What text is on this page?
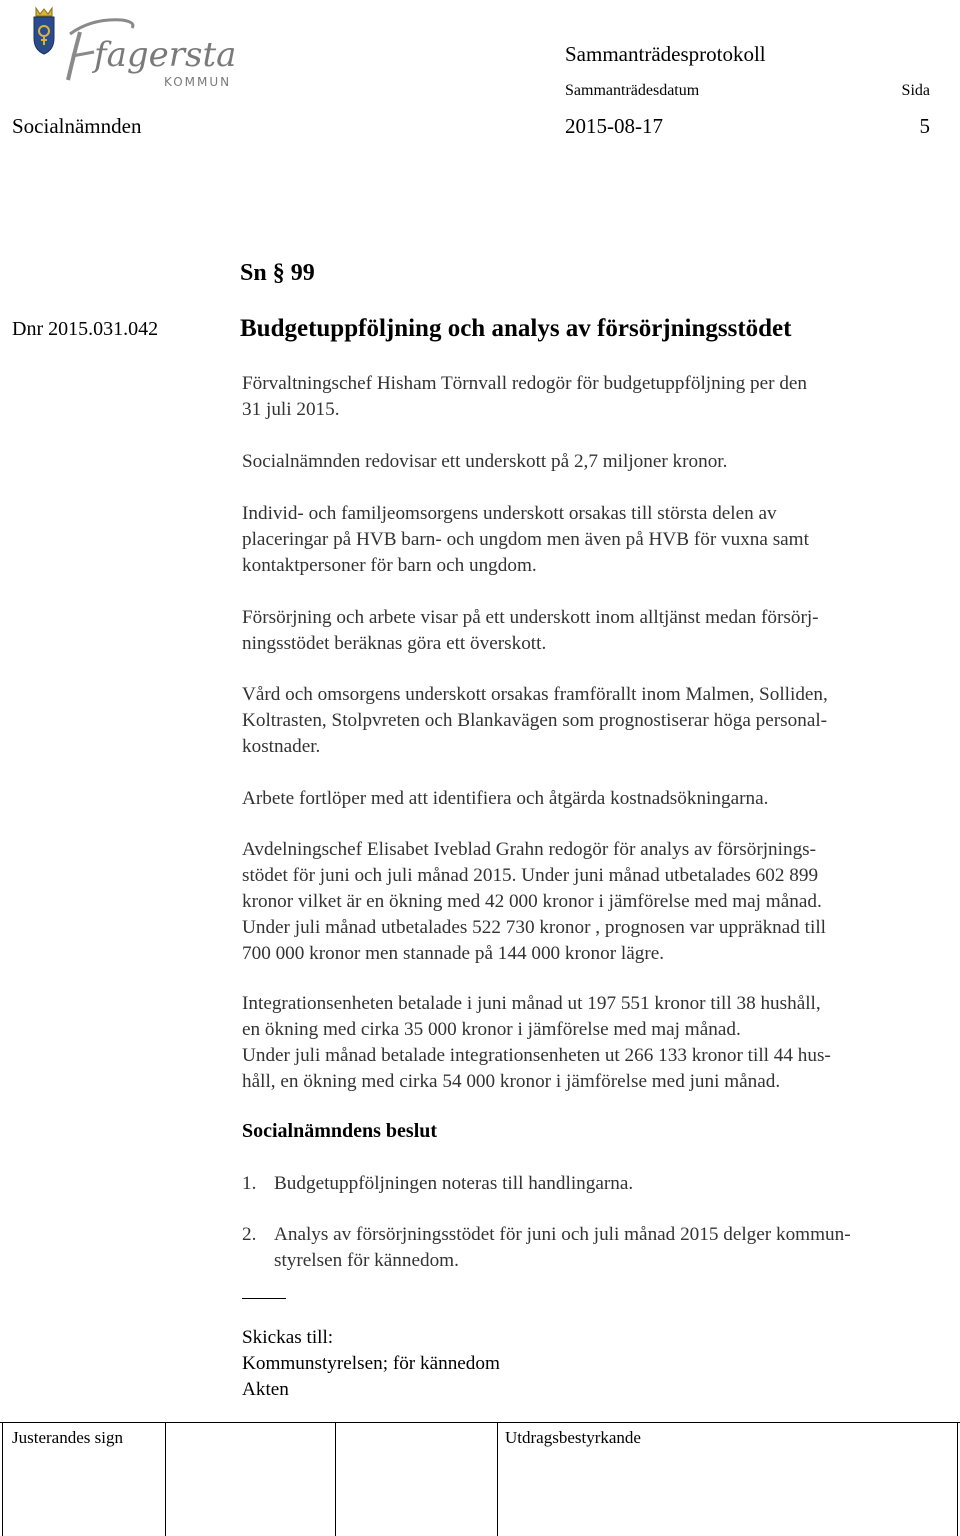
fagersta
KOMMUN
Sammanträdesprotokoll
Sammanträdesdatum	Sida
Socialnämnden	2015-08-17	5
Sn § 99
Dnr 2015.031.042	Budgetuppföljning och analys av försörjningsstödet
Förvaltningschef Hisham Törnvall redogör för budgetuppföljning per den
31 juli 2015.
Socialnämnden redovisar ett underskott på 2,7 miljoner kronor.
Individ- och familjeomsorgens underskott orsakas till största delen av
placeringar på HVB barn- och ungdom men även på HVB för vuxna samt
kontaktpersoner för barn och ungdom.
Försörjning och arbete visar på ett underskott inom alltjänst medan försörj-
ningsstödet beräknas göra ett överskott.
Vård och omsorgens underskott orsakas framförallt inom Malmen, Solliden,
Koltrasten, Stolpvreten och Blankavägen som prognostiserar höga personal-
kostnader.
Arbete fortlöper med att identifiera och åtgärda kostnadsökningarna.
Avdelningschef Elisabet Iveblad Grahn redogör för analys av försörjnings-
stödet för juni och juli månad 2015. Under juni månad utbetalades 602 899
kronor vilket är en ökning med 42 000 kronor i jämförelse med maj månad.
Under juli månad utbetalades 522 730 kronor , prognosen var uppräknad till
700 000 kronor men stannade på 144 000 kronor lägre.
Integrationsenheten betalade i juni månad ut 197 551 kronor till 38 hushåll,
en ökning med cirka 35 000 kronor i jämförelse med maj månad.
Under juli månad betalade integrationsenheten ut 266 133 kronor till 44 hus-
håll, en ökning med cirka 54 000 kronor i jämförelse med juni månad.
Socialnämndens beslut
1. Budgetuppföljningen noteras till handlingarna.
2. Analys av försörjningsstödet för juni och juli månad 2015 delger kommun-
styrelsen för kännedom.
Skickas till:
Kommunstyrelsen; för kännedom
Akten
Justerandes sign	Utdragsbestyrkande
